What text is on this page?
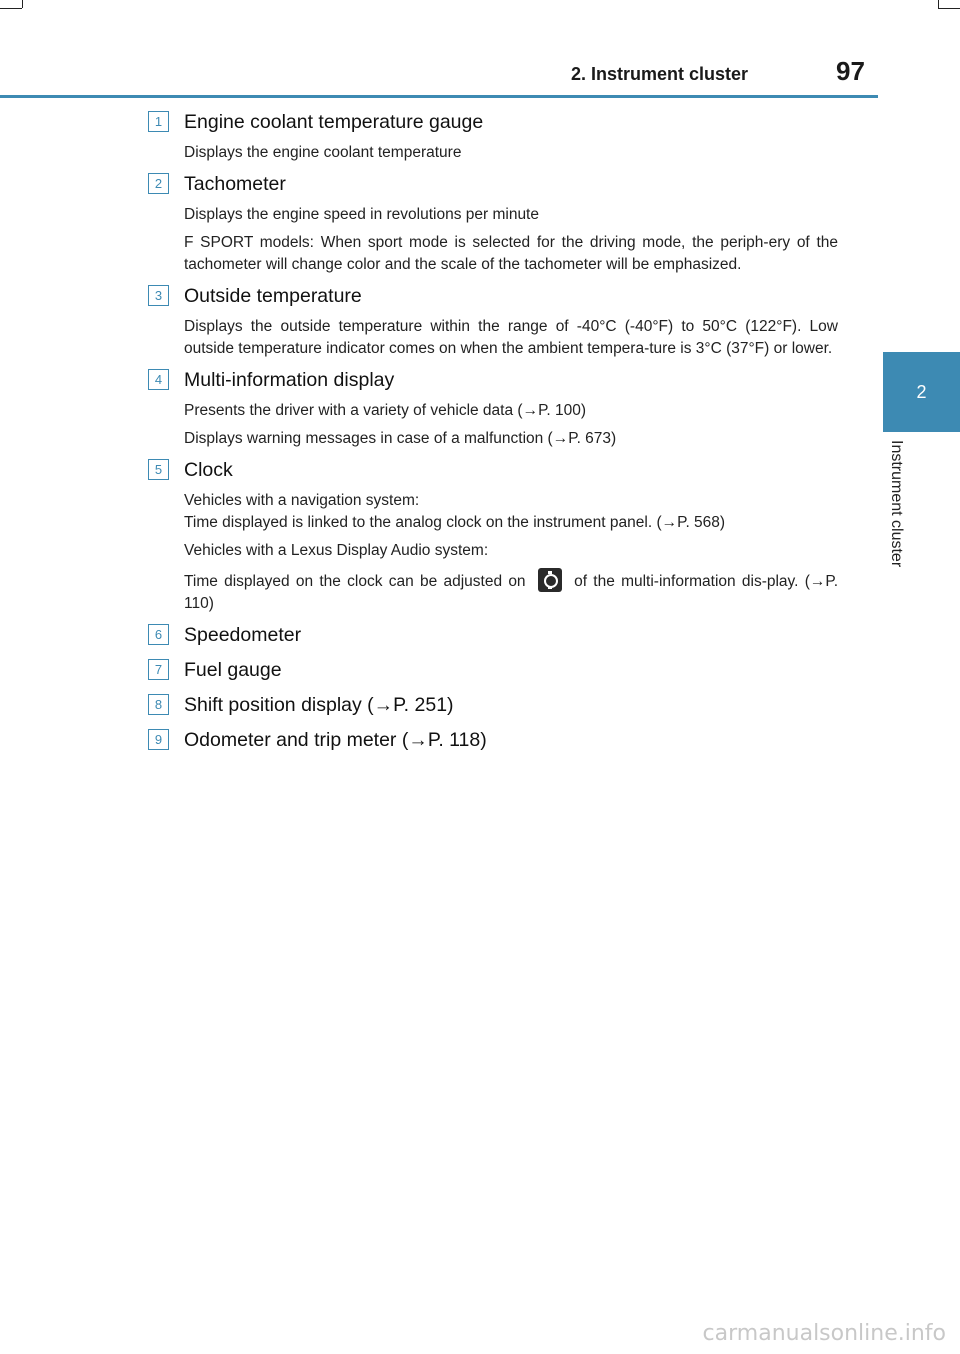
2. Instrument cluster	97
2
Instrument cluster
1	Engine coolant temperature gauge
Displays the engine coolant temperature
2	Tachometer
Displays the engine speed in revolutions per minute
F SPORT models: When sport mode is selected for the driving mode, the periph-ery of the tachometer will change color and the scale of the tachometer will be emphasized.
3	Outside temperature
Displays the outside temperature within the range of -40°C (-40°F) to 50°C (122°F). Low outside temperature indicator comes on when the ambient tempera-ture is 3°C (37°F) or lower.
4	Multi-information display
Presents the driver with a variety of vehicle data (→P. 100)
Displays warning messages in case of a malfunction (→P. 673)
5	Clock
Vehicles with a navigation system:
Time displayed is linked to the analog clock on the instrument panel. (→P. 568)
Vehicles with a Lexus Display Audio system:
Time displayed on the clock can be adjusted on	of the multi-information dis-play. (→P. 110)
6	Speedometer
7	Fuel gauge
8	Shift position display (→P. 251)
9	Odometer and trip meter (→P. 118)
carmanualsonline.info
